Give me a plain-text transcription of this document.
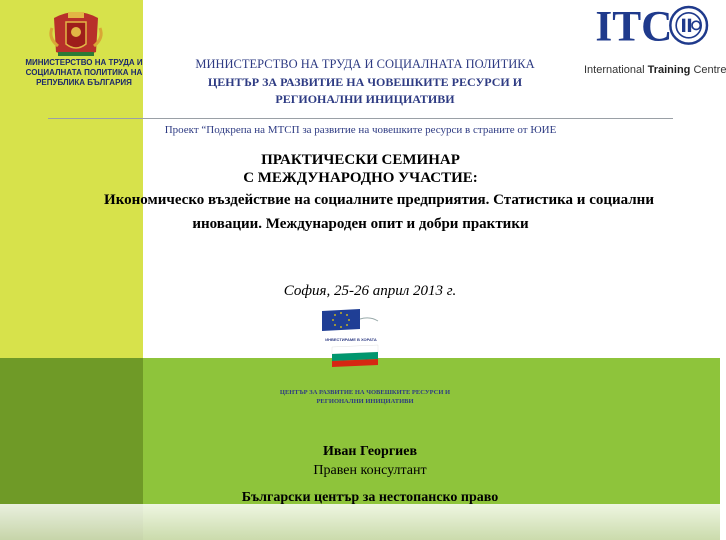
МИНИСТЕРСТВО НА ТРУДА И
СОЦИАЛНАТА ПОЛИТИКА НА
РЕПУБЛИКА БЪЛГАРИЯ
ITC
International Training Centre
МИНИСТЕРСТВО НА ТРУДА И СОЦИАЛНАТА ПОЛИТИКА
ЦЕНТЪР ЗА РАЗВИТИЕ НА ЧОВЕШКИТЕ РЕСУРСИ И
РЕГИОНАЛНИ ИНИЦИАТИВИ
Проект “Подкрепа на МТСП за развитие на човешките ресурси в страните от ЮИЕ
ПРАКТИЧЕСКИ СЕМИНАР
С МЕЖДУНАРОДНО УЧАСТИЕ:
Икономическо въздействие на социалните предприятия. Статистика и социални
иновации. Международен опит и добри практики
София, 25-26 април 2013 г.
ИНВЕСТИРАМЕ В ХОРАТА
ЦЕНТЪР ЗА РАЗВИТИЕ НА ЧОВЕШКИТЕ РЕСУРСИ И
РЕГИОНАЛНИ ИНИЦИАТИВИ
Иван Георгиев
Правен консултант
Български център за нестопанско право
